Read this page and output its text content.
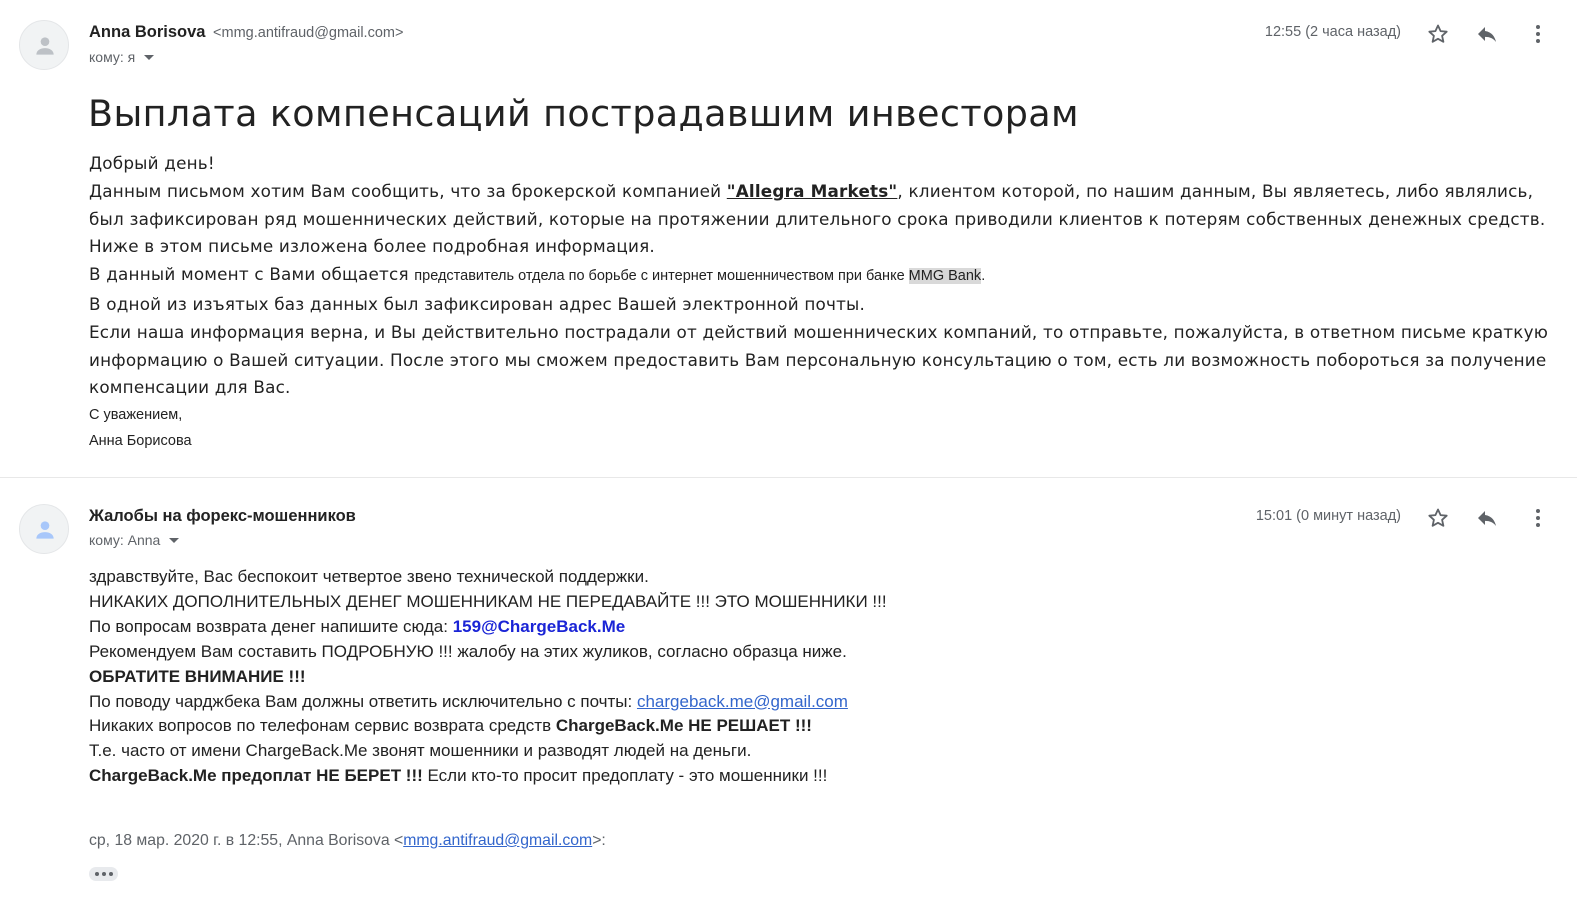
Anna Borisova <mmg.antifraud@gmail.com>
кому: я
12:55 (2 часа назад)
Выплата компенсаций пострадавшим инвесторам

Добрый день!

Данным письмом хотим Вам сообщить, что за брокерской компанией "Allegra Markets", клиентом которой, по нашим данным, Вы являетесь, либо являлись,

был зафиксирован ряд мошеннических действий, которые на протяжении длительного срока приводили клиентов к потерям собственных денежных средств.

Ниже в этом письме изложена более подробная информация.

В данный момент с Вами общается представитель отдела по борьбе с интернет мошенничеством при банке MMG Bank.

В одной из изъятых баз данных был зафиксирован адрес Вашей электронной почты.

Если наша информация верна, и Вы действительно пострадали от действий мошеннических компаний, то отправьте, пожалуйста, в ответном письме краткую

информацию о Вашей ситуации. После этого мы сможем предоставить Вам персональную консультацию о том, есть ли возможность побороться за получение

компенсации для Вас.

С уважением,

Анна Борисова

Жалобы на форекс-мошенников
кому: Anna
15:01 (0 минут назад)

здравствуйте, Вас беспокоит четвертое звено технической поддержки.

НИКАКИХ ДОПОЛНИТЕЛЬНЫХ ДЕНЕГ МОШЕННИКАМ НЕ ПЕРЕДАВАЙТЕ !!! ЭТО МОШЕННИКИ !!!

По вопросам возврата денег напишите сюда: 159@ChargeBack.Me

Рекомендуем Вам составить ПОДРОБНУЮ !!! жалобу на этих жуликов, согласно образца ниже.

ОБРАТИТЕ ВНИМАНИЕ !!!

По поводу чарджбека Вам должны ответить исключительно с почты: chargeback.me@gmail.com

Никаких вопросов по телефонам сервис возврата средств ChargeBack.Me НЕ РЕШАЕТ !!!

Т.е. часто от имени ChargeBack.Me звонят мошенники и разводят людей на деньги.

ChargeBack.Me предоплат НЕ БЕРЕТ !!! Если кто-то просит предоплату - это мошенники !!!

ср, 18 мар. 2020 г. в 12:55, Anna Borisova <mmg.antifraud@gmail.com>:
